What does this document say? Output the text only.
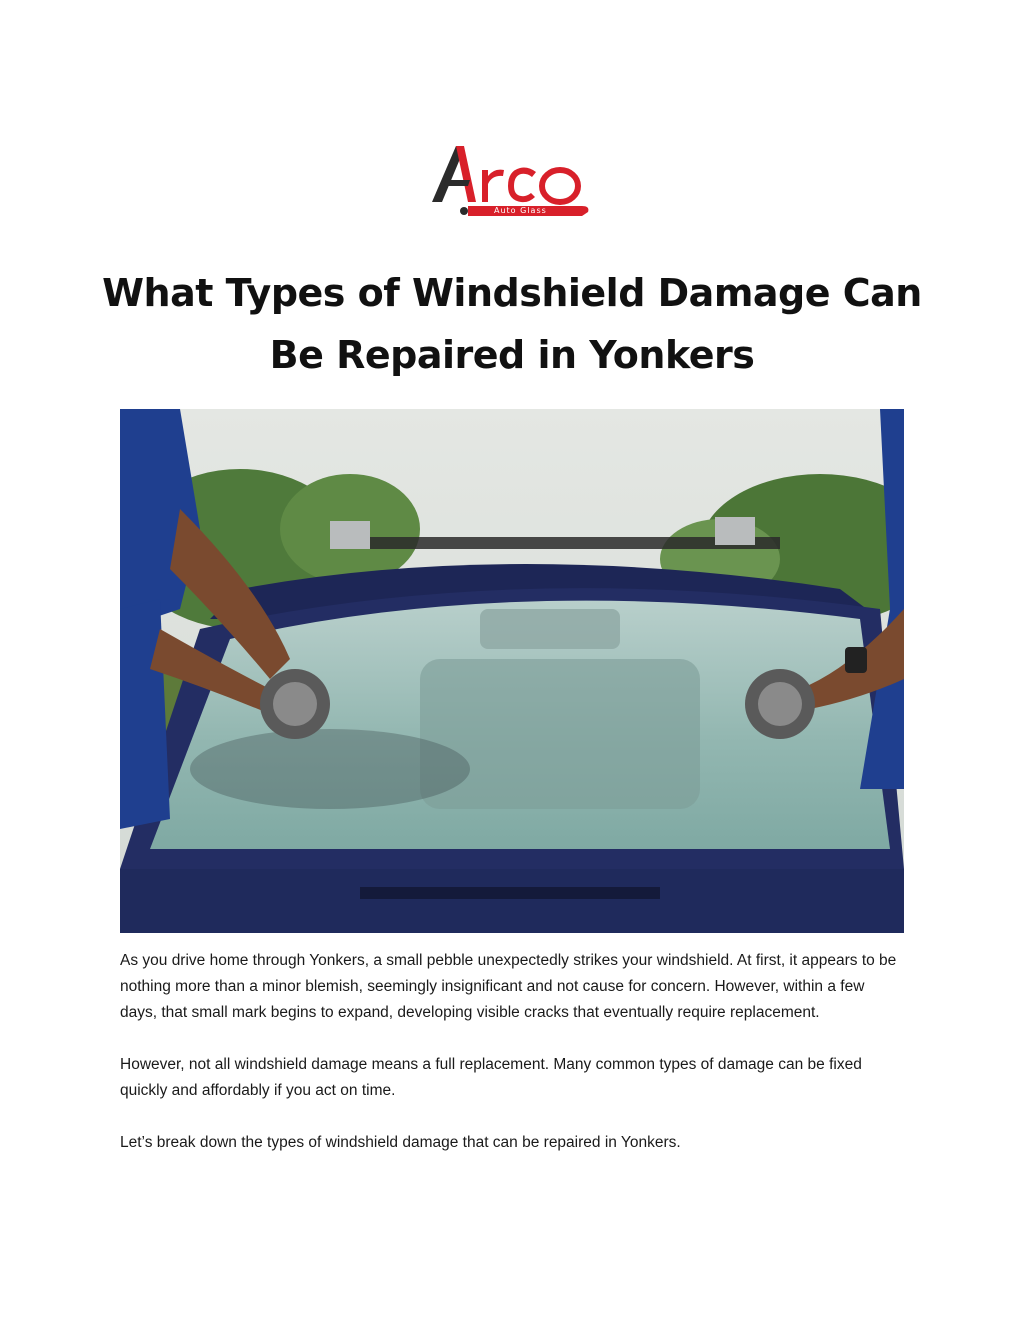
Auto Glass
What Types of Windshield Damage Can
Be Repaired in Yonkers

As you drive home through Yonkers, a small pebble unexpectedly strikes your windshield. At first, it appears to be nothing more than a minor blemish, seemingly insignificant and not cause for concern. However, within a few days, that small mark begins to expand, developing visible cracks that eventually require replacement.

However, not all windshield damage means a full replacement. Many common types of damage can be fixed quickly and affordably if you act on time.

Let’s break down the types of windshield damage that can be repaired in Yonkers.
